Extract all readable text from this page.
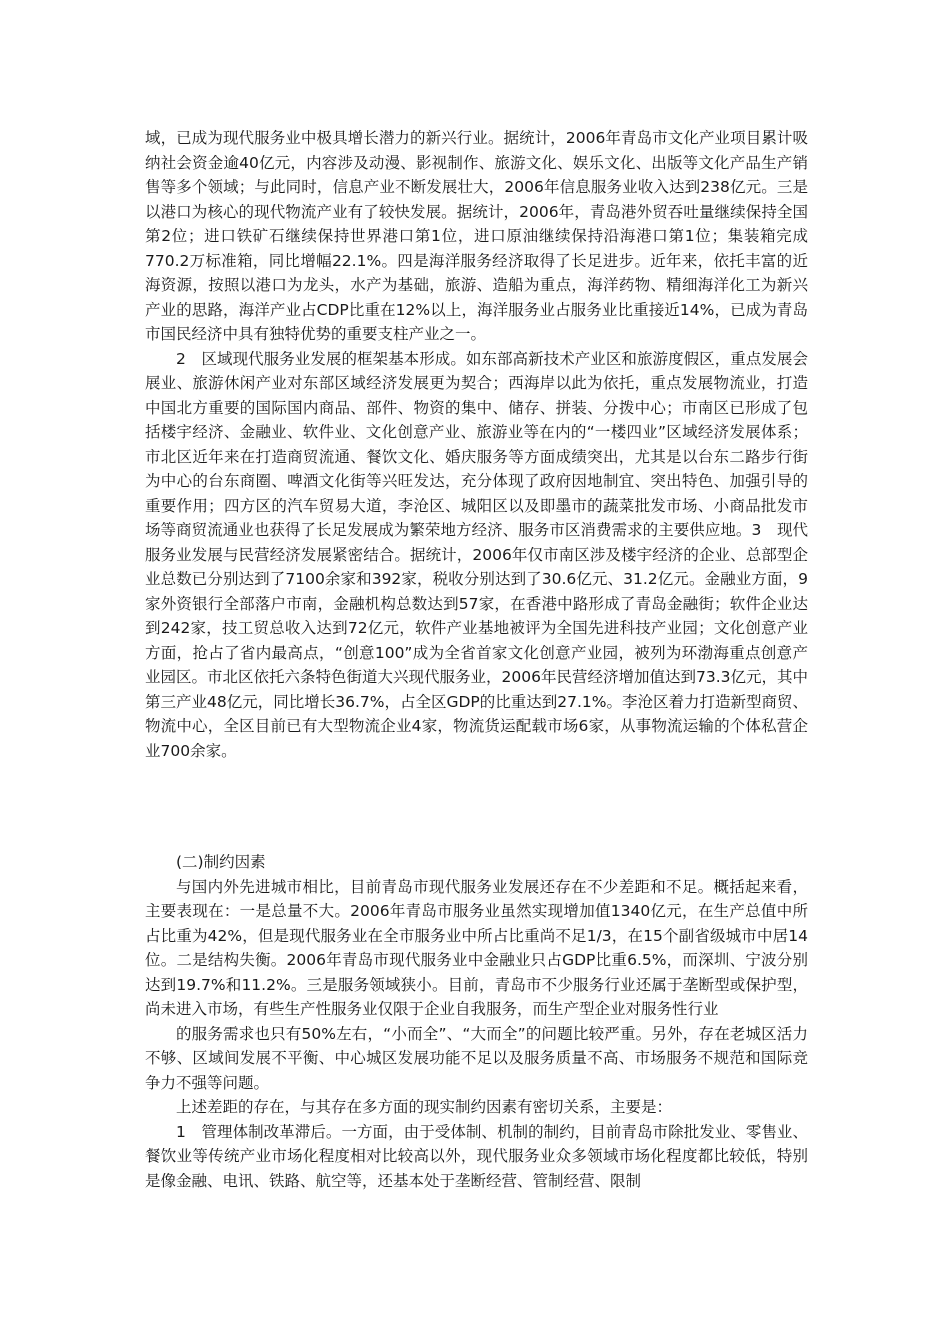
域，已成为现代服务业中极具增长潜力的新兴行业。据统计，2006年青岛市文化产业项目累计吸纳社会资金逾40亿元，内容涉及动漫、影视制作、旅游文化、娱乐文化、出版等文化产品生产销售等多个领域；与此同时，信息产业不断发展壮大，2006年信息服务业收入达到238亿元。三是以港口为核心的现代物流产业有了较快发展。据统计，2006年，青岛港外贸吞吐量继续保持全国第2位；进口铁矿石继续保持世界港口第1位，进口原油继续保持沿海港口第1位；集装箱完成770.2万标准箱，同比增幅22.1%。四是海洋服务经济取得了长足进步。近年来，依托丰富的近海资源，按照以港口为龙头，水产为基础，旅游、造船为重点，海洋药物、精细海洋化工为新兴产业的思路，海洋产业占CDP比重在12%以上，海洋服务业占服务业比重接近14%，已成为青岛市国民经济中具有独特优势的重要支柱产业之一。

2　区域现代服务业发展的框架基本形成。如东部高新技术产业区和旅游度假区，重点发展会展业、旅游休闲产业对东部区域经济发展更为契合；西海岸以此为依托，重点发展物流业，打造中国北方重要的国际国内商品、部件、物资的集中、储存、拼装、分拨中心；市南区已形成了包括楼宇经济、金融业、软件业、文化创意产业、旅游业等在内的“一楼四业”区域经济发展体系；市北区近年来在打造商贸流通、餐饮文化、婚庆服务等方面成绩突出，尤其是以台东二路步行街为中心的台东商圈、啤酒文化街等兴旺发达，充分体现了政府因地制宜、突出特色、加强引导的重要作用；四方区的汽车贸易大道，李沧区、城阳区以及即墨市的蔬菜批发市场、小商品批发市场等商贸流通业也获得了长足发展成为繁荣地方经济、服务市区消费需求的主要供应地。3　现代服务业发展与民营经济发展紧密结合。据统计，2006年仅市南区涉及楼宇经济的企业、总部型企业总数已分别达到了7100余家和392家，税收分别达到了30.6亿元、31.2亿元。金融业方面，9家外资银行全部落户市南，金融机构总数达到57家，在香港中路形成了青岛金融街；软件企业达到242家，技工贸总收入达到72亿元，软件产业基地被评为全国先进科技产业园；文化创意产业方面，抢占了省内最高点，“创意100”成为全省首家文化创意产业园，被列为环渤海重点创意产业园区。市北区依托六条特色街道大兴现代服务业，2006年民营经济增加值达到73.3亿元，其中第三产业48亿元，同比增长36.7%，占全区GDP的比重达到27.1%。李沧区着力打造新型商贸、物流中心，全区目前已有大型物流企业4家，物流货运配载市场6家，从事物流运输的个体私营企业700余家。

(二)制约因素

与国内外先进城市相比，目前青岛市现代服务业发展还存在不少差距和不足。概括起来看，主要表现在：一是总量不大。2006年青岛市服务业虽然实现增加值1340亿元，在生产总值中所占比重为42%，但是现代服务业在全市服务业中所占比重尚不足1/3，在15个副省级城市中居14位。二是结构失衡。2006年青岛市现代服务业中金融业只占GDP比重6.5%，而深圳、宁波分别达到19.7%和11.2%。三是服务领域狭小。目前，青岛市不少服务行业还属于垄断型或保护型，尚未进入市场，有些生产性服务业仅限于企业自我服务，而生产型企业对服务性行业

的服务需求也只有50%左右，“小而全”、“大而全”的问题比较严重。另外，存在老城区活力不够、区域间发展不平衡、中心城区发展功能不足以及服务质量不高、市场服务不规范和国际竞争力不强等问题。

上述差距的存在，与其存在多方面的现实制约因素有密切关系，主要是：

1　管理体制改革滞后。一方面，由于受体制、机制的制约，目前青岛市除批发业、零售业、餐饮业等传统产业市场化程度相对比较高以外，现代服务业众多领域市场化程度都比较低，特别是像金融、电讯、铁路、航空等，还基本处于垄断经营、管制经营、限制
